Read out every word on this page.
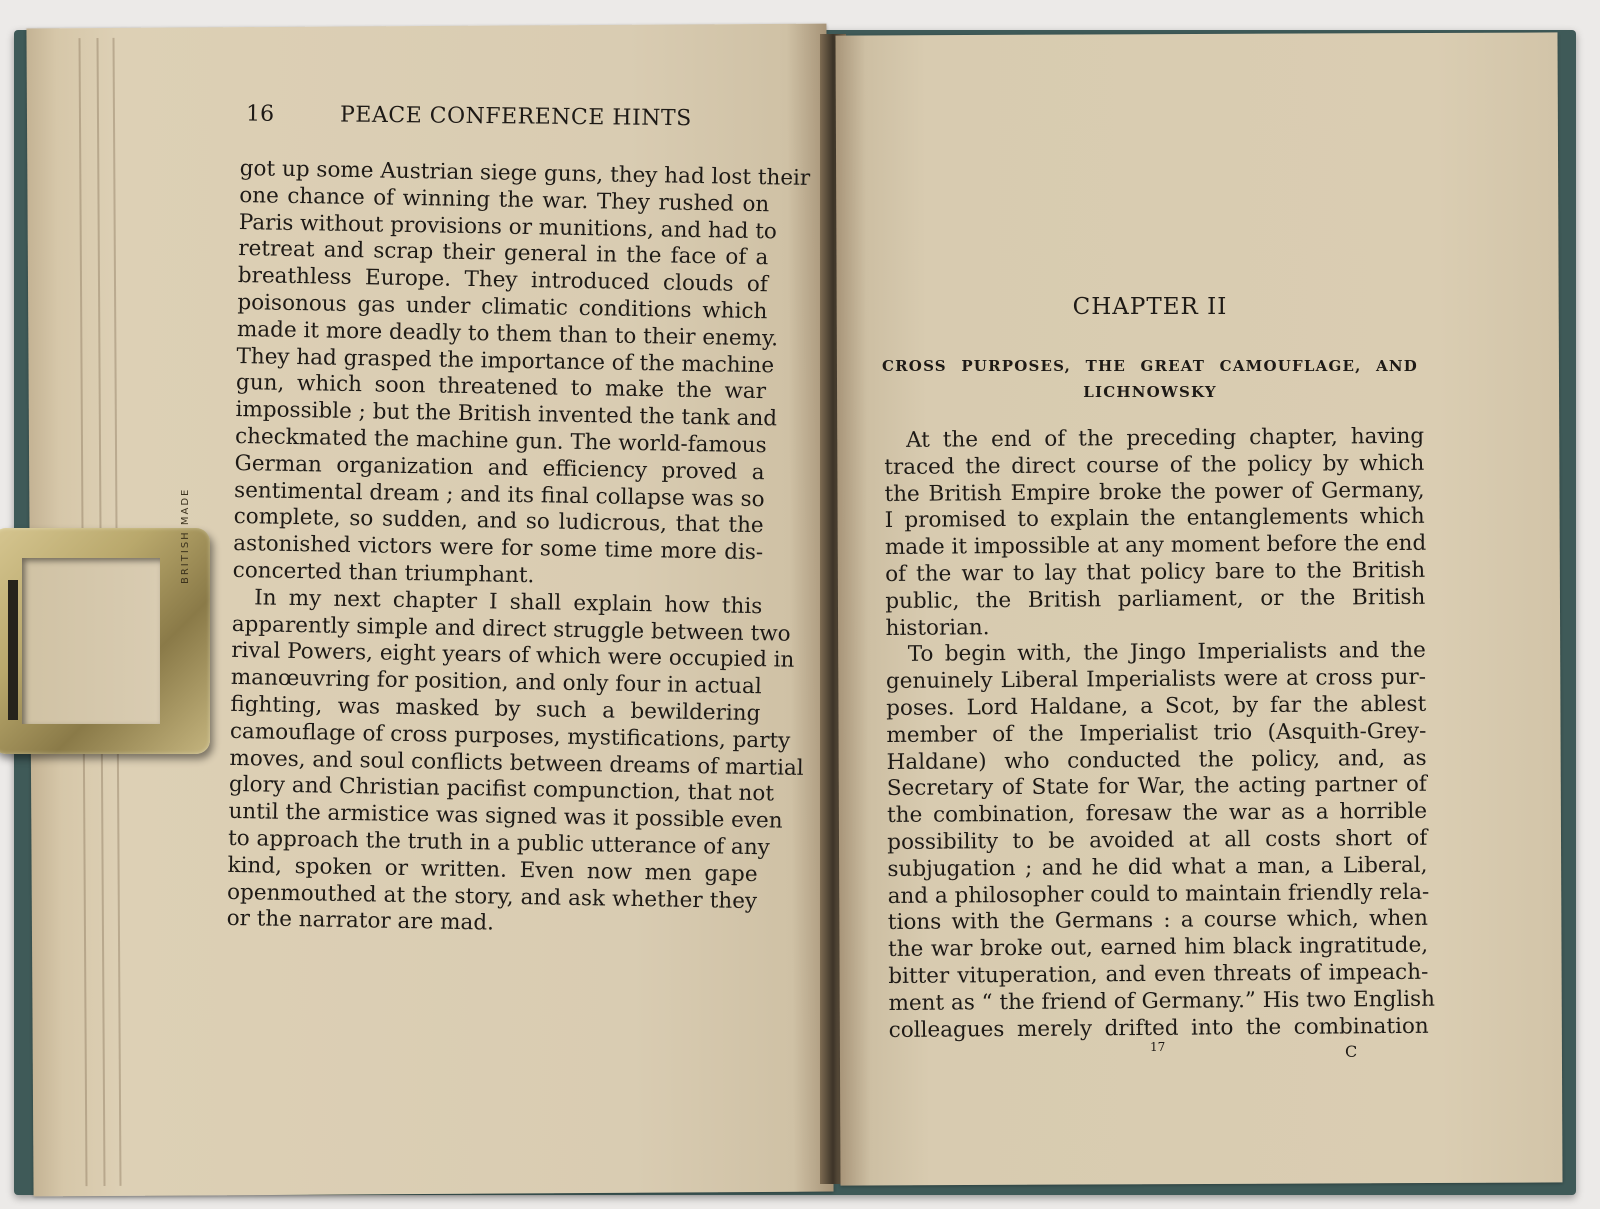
16	PEACE CONFERENCE HINTS
got up some Austrian siege guns, they had lost their
one chance of winning the war. They rushed on
Paris without provisions or munitions, and had to
retreat and scrap their general in the face of a
breathless Europe. They introduced clouds of
poisonous gas under climatic conditions which
made it more deadly to them than to their enemy.
They had grasped the importance of the machine
gun, which soon threatened to make the war
impossible ; but the British invented the tank and
checkmated the machine gun. The world-famous
German organization and efficiency proved a
sentimental dream ; and its final collapse was so
complete, so sudden, and so ludicrous, that the
astonished victors were for some time more dis-
concerted than triumphant.
In my next chapter I shall explain how this
apparently simple and direct struggle between two
rival Powers, eight years of which were occupied in
manœuvring for position, and only four in actual
fighting, was masked by such a bewildering
camouflage of cross purposes, mystifications, party
moves, and soul conflicts between dreams of martial
glory and Christian pacifist compunction, that not
until the armistice was signed was it possible even
to approach the truth in a public utterance of any
kind, spoken or written. Even now men gape
openmouthed at the story, and ask whether they
or the narrator are mad.
CHAPTER II
CROSS PURPOSES, THE GREAT CAMOUFLAGE, AND
LICHNOWSKY
At the end of the preceding chapter, having
traced the direct course of the policy by which
the British Empire broke the power of Germany,
I promised to explain the entanglements which
made it impossible at any moment before the end
of the war to lay that policy bare to the British
public, the British parliament, or the British
historian.
To begin with, the Jingo Imperialists and the
genuinely Liberal Imperialists were at cross pur-
poses. Lord Haldane, a Scot, by far the ablest
member of the Imperialist trio (Asquith-Grey-
Haldane) who conducted the policy, and, as
Secretary of State for War, the acting partner of
the combination, foresaw the war as a horrible
possibility to be avoided at all costs short of
subjugation ; and he did what a man, a Liberal,
and a philosopher could to maintain friendly rela-
tions with the Germans : a course which, when
the war broke out, earned him black ingratitude,
bitter vituperation, and even threats of impeach-
ment as “ the friend of Germany.” His two English
colleagues merely drifted into the combination
17	C
BRITISH MADE
